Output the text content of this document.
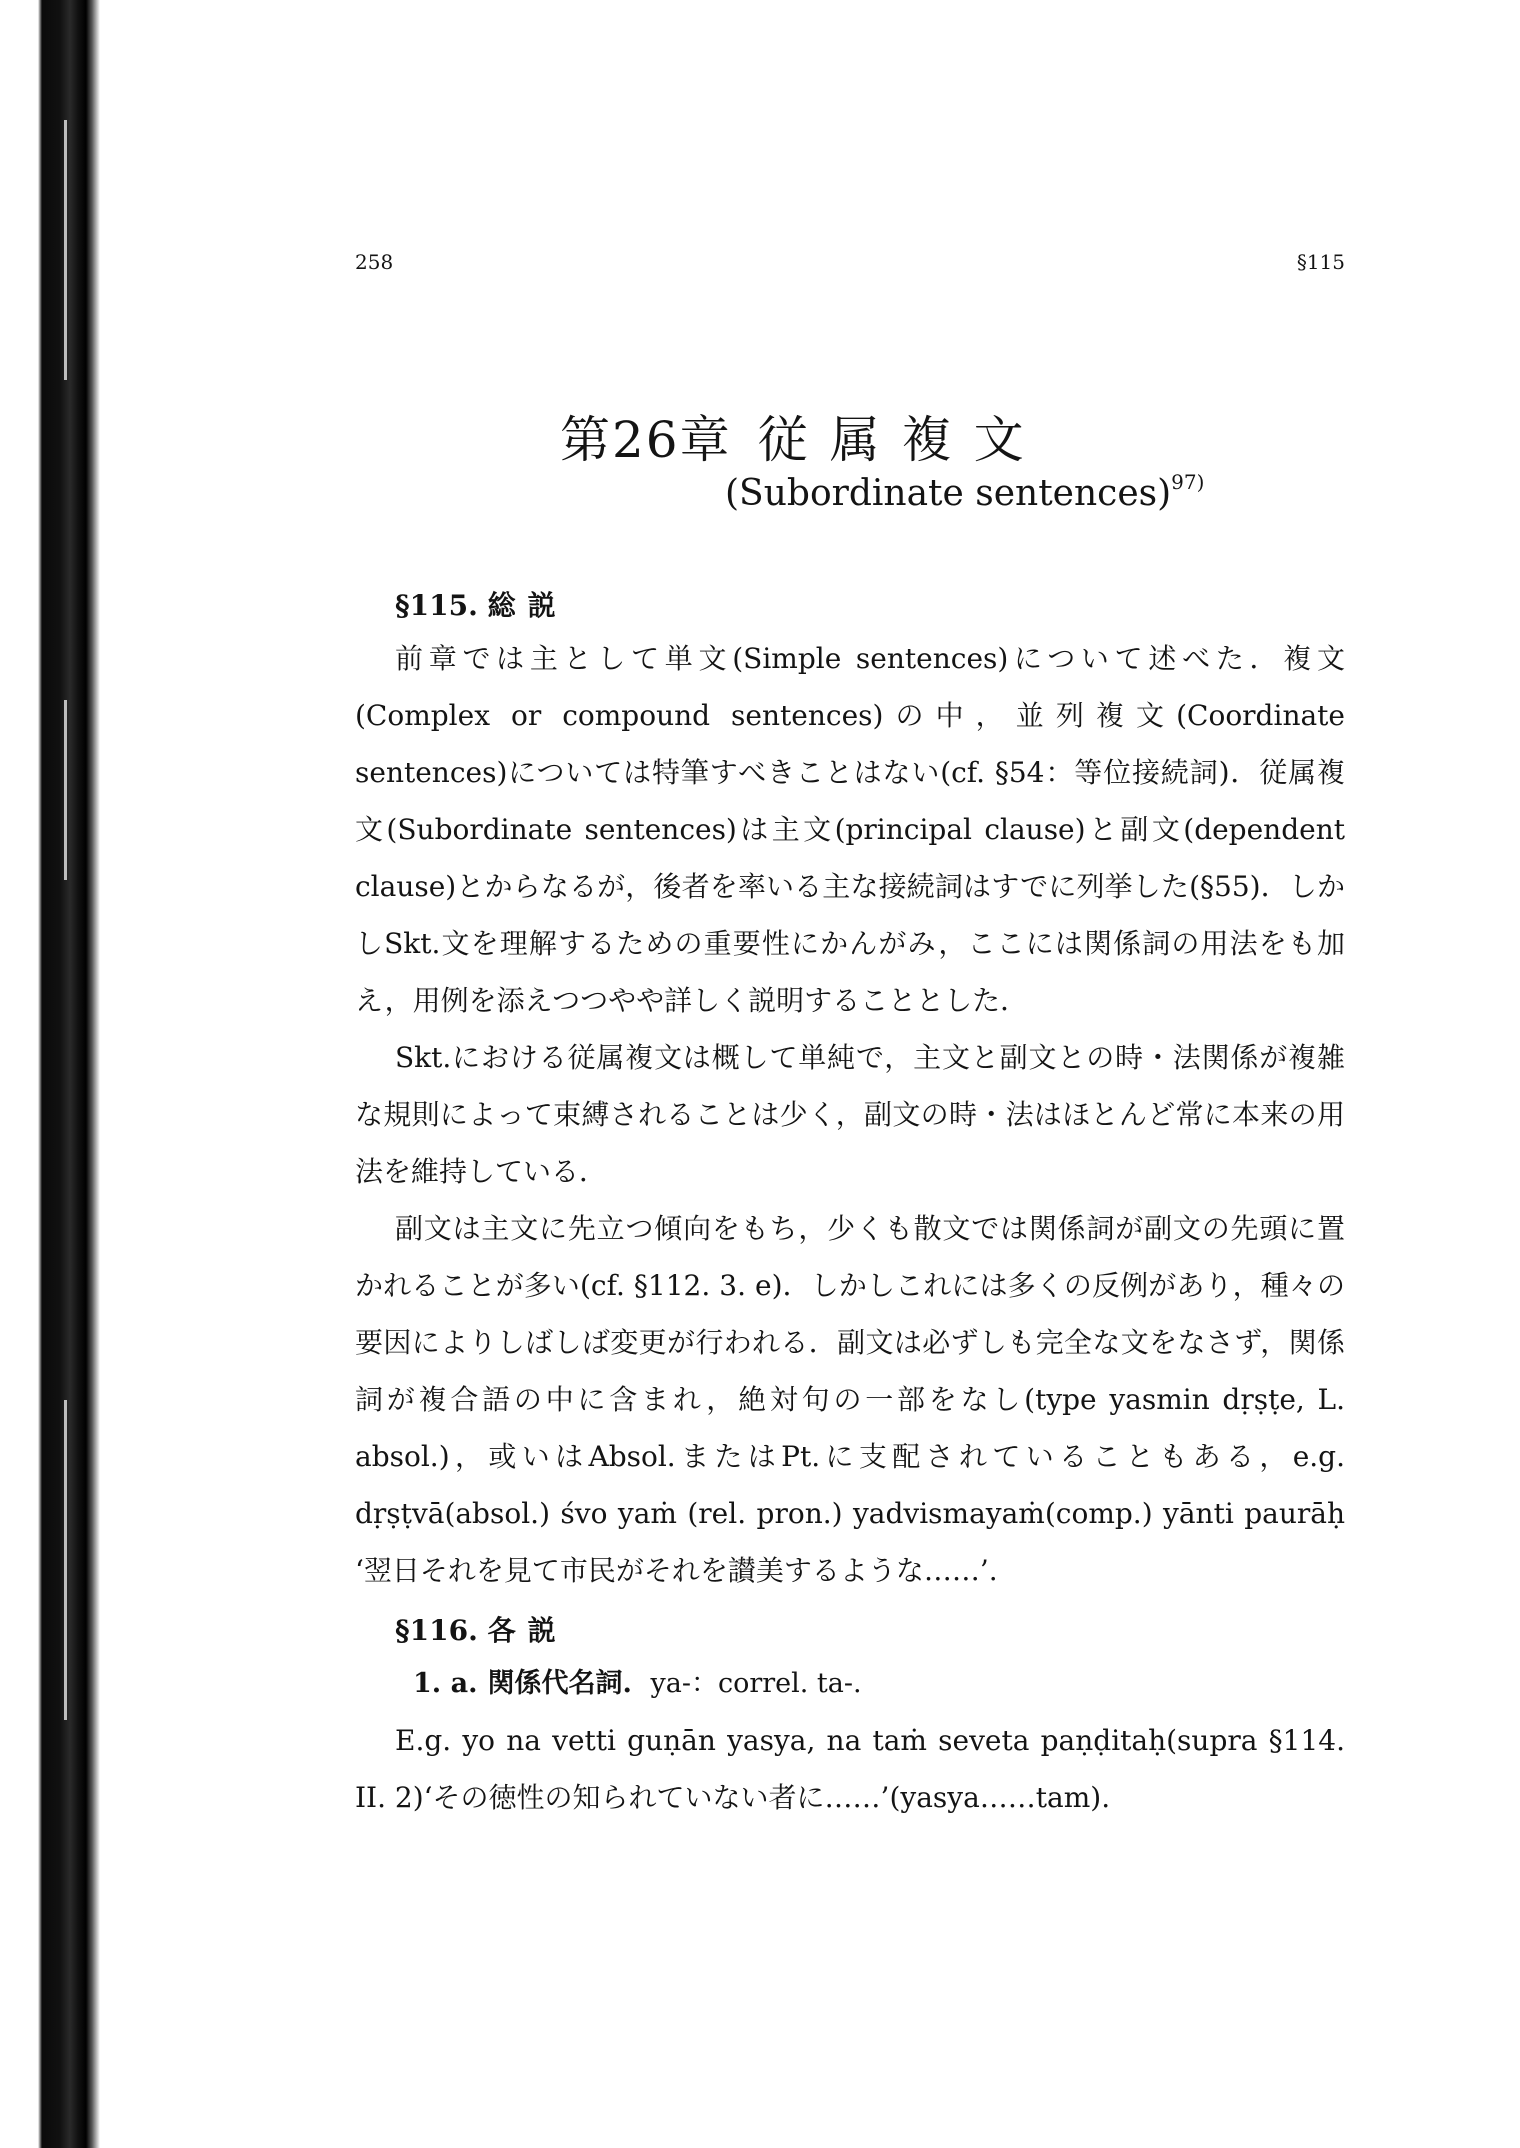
258	§115
第26章 従属複文
(Subordinate sentences)$^{97)}$
§115. 総 説

前章では主として単文(Simple sentences)について述べた．複文(Complex or compound sentences)の中，並列複文(Coordinate sentences)については特筆すべきことはない(cf. §54：等位接続詞)．従属複文(Subordinate sentences)は主文(principal clause)と副文(dependent clause)とからなるが，後者を率いる主な接続詞はすでに列挙した(§55)．しかしSkt.文を理解するための重要性にかんがみ，ここには関係詞の用法をも加え，用例を添えつつやや詳しく説明することとした．

Skt.における従属複文は概して単純で，主文と副文との時・法関係が複雑な規則によって束縛されることは少く，副文の時・法はほとんど常に本来の用法を維持している．

副文は主文に先立つ傾向をもち，少くも散文では関係詞が副文の先頭に置かれることが多い(cf. §112. 3. e)．しかしこれには多くの反例があり，種々の要因によりしばしば変更が行われる．副文は必ずしも完全な文をなさず，関係詞が複合語の中に含まれ，絶対句の一部をなし(type yasmin dṛṣṭe, L. absol.)，或いはAbsol.またはPt.に支配されていることもある，e.g. dṛṣṭvā(absol.) śvo yaṁ (rel. pron.) yadvismayaṁ(comp.) yānti paurāḥ ‘翌日それを見て市民がそれを讃美するような……’.

§116. 各 説
1. a. 関係代名詞. ya-：correl. ta-.

E.g. yo na vetti guṇān yasya, na taṁ seveta paṇḍitaḥ(supra §114. II. 2)‘その徳性の知られていない者に……’(yasya……tam).
